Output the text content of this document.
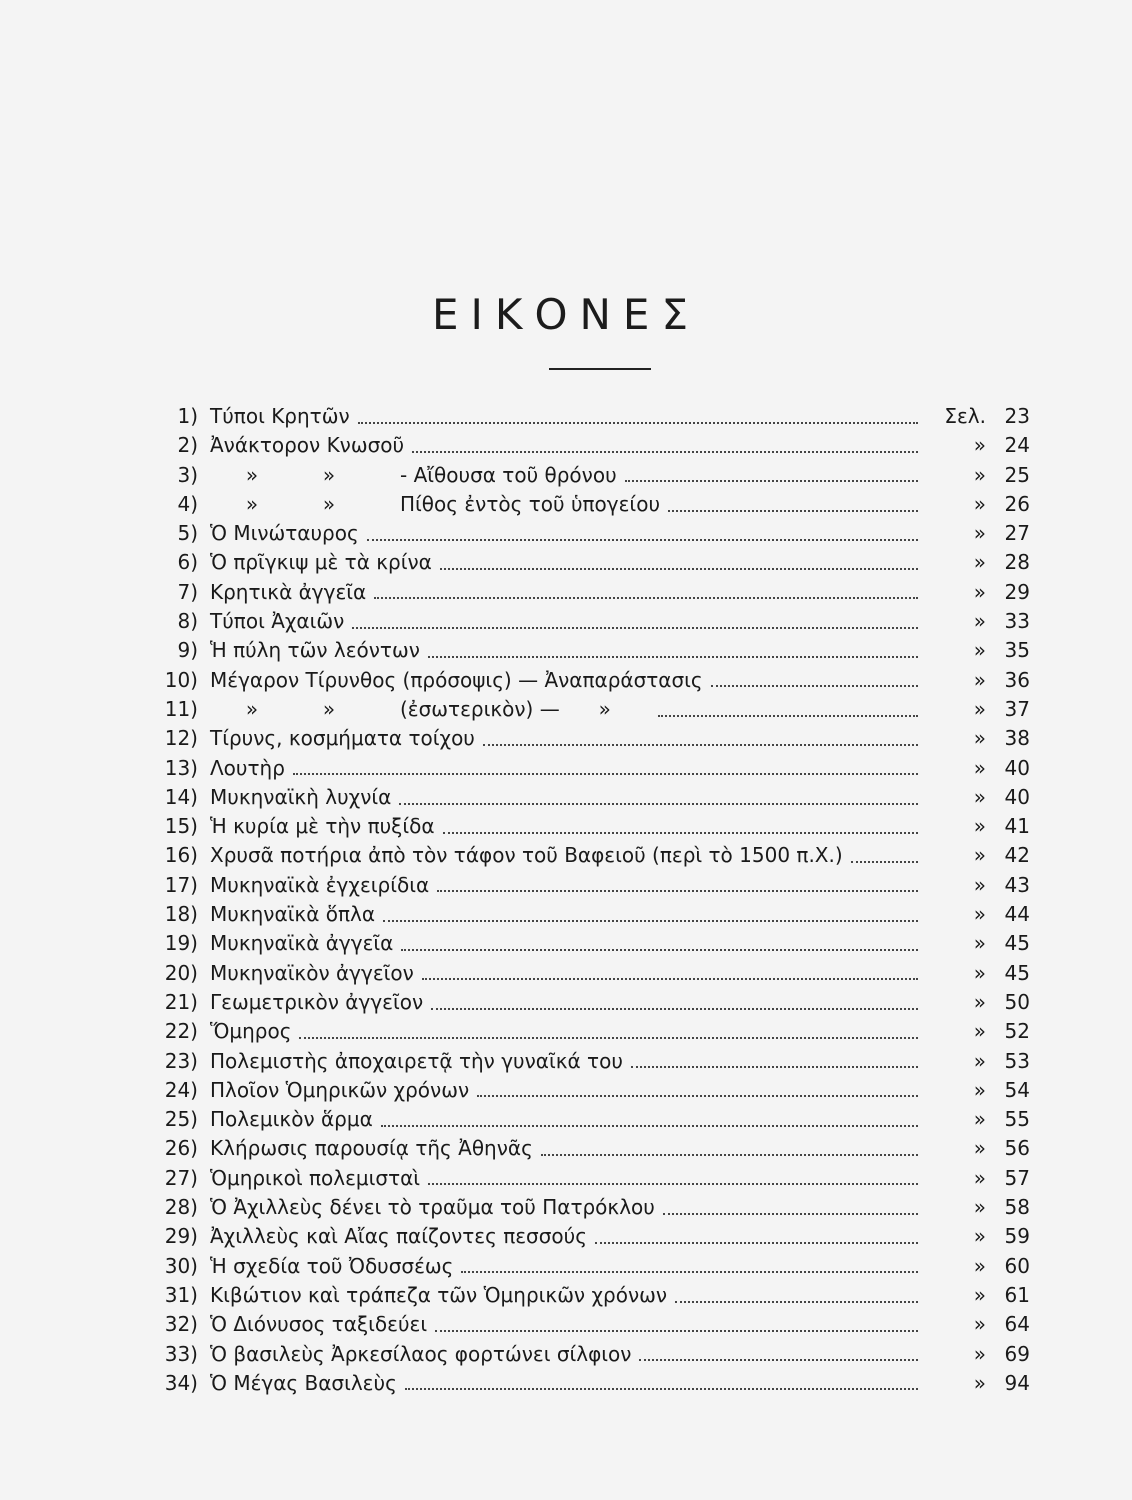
ΕΙΚΟΝΕΣ
1) Τύποι Κρητῶν	Σελ. 23
2) Ἀνάκτορον Κνωσοῦ	» 24
3)	»	»	- Αἴθουσα τοῦ θρόνου	» 25
4)	»	»	Πίθος ἐντὸς τοῦ ὑπογείου	» 26
5) Ὁ Μινώταυρος	» 27
6) Ὁ πρῖγκιψ μὲ τὰ κρίνα	» 28
7) Κρητικὰ ἀγγεῖα	» 29
8) Τύποι Ἀχαιῶν	» 33
9) Ἡ πύλη τῶν λεόντων	» 35
10) Μέγαρον Τίρυνθος (πρόσοψις) — Ἀναπαράστασις	» 36
11)	»	»	(ἐσωτερικὸν) — »	» 37
12) Τίρυνς, κοσμήματα τοίχου	» 38
13) Λουτὴρ	» 40
14) Μυκηναϊκὴ λυχνία	» 40
15) Ἡ κυρία μὲ τὴν πυξίδα	» 41
16) Χρυσᾶ ποτήρια ἀπὸ τὸν τάφον τοῦ Βαφειοῦ (περὶ τὸ 1500 π.Χ.)	» 42
17) Μυκηναϊκὰ ἐγχειρίδια	» 43
18) Μυκηναϊκὰ ὅπλα	» 44
19) Μυκηναϊκὰ ἀγγεῖα	» 45
20) Μυκηναϊκὸν ἀγγεῖον	» 45
21) Γεωμετρικὸν ἀγγεῖον	» 50
22) Ὅμηρος	» 52
23) Πολεμιστὴς ἀποχαιρετᾷ τὴν γυναῖκά του	» 53
24) Πλοῖον Ὁμηρικῶν χρόνων	» 54
25) Πολεμικὸν ἅρμα	» 55
26) Κλήρωσις παρουσίᾳ τῆς Ἀθηνᾶς	» 56
27) Ὁμηρικοὶ πολεμισταὶ	» 57
28) Ὁ Ἀχιλλεὺς δένει τὸ τραῦμα τοῦ Πατρόκλου	» 58
29) Ἀχιλλεὺς καὶ Αἴας παίζοντες πεσσούς	» 59
30) Ἡ σχεδία τοῦ Ὀδυσσέως	» 60
31) Κιβώτιον καὶ τράπεζα τῶν Ὁμηρικῶν χρόνων	» 61
32) Ὁ Διόνυσος ταξιδεύει	» 64
33) Ὁ βασιλεὺς Ἀρκεσίλαος φορτώνει σίλφιον	» 69
34) Ὁ Μέγας Βασιλεὺς	» 94
